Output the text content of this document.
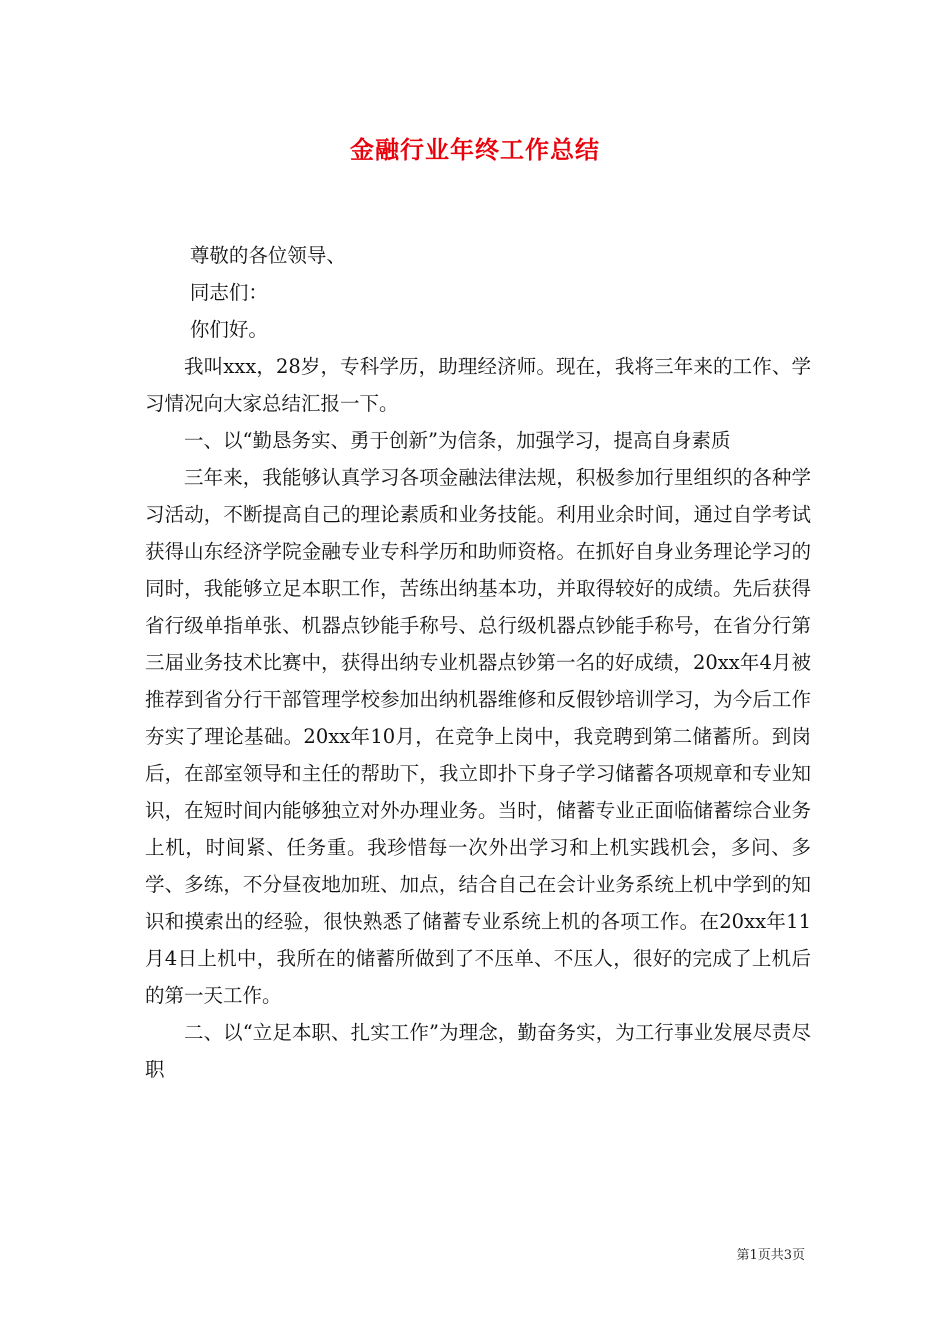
金融行业年终工作总结

尊敬的各位领导、

同志们：

你们好。

我叫xxx，28岁，专科学历，助理经济师。现在，我将三年来的工作、学习情况向大家总结汇报一下。

一、以“勤恳务实、勇于创新”为信条，加强学习，提高自身素质

三年来，我能够认真学习各项金融法律法规，积极参加行里组织的各种学习活动，不断提高自己的理论素质和业务技能。利用业余时间，通过自学考试获得山东经济学院金融专业专科学历和助师资格。在抓好自身业务理论学习的同时，我能够立足本职工作，苦练出纳基本功，并取得较好的成绩。先后获得省行级单指单张、机器点钞能手称号、总行级机器点钞能手称号，在省分行第三届业务技术比赛中，获得出纳专业机器点钞第一名的好成绩，20xx年4月被推荐到省分行干部管理学校参加出纳机器维修和反假钞培训学习，为今后工作夯实了理论基础。20xx年10月，在竞争上岗中，我竞聘到第二储蓄所。到岗后，在部室领导和主任的帮助下，我立即扑下身子学习储蓄各项规章和专业知识，在短时间内能够独立对外办理业务。当时，储蓄专业正面临储蓄综合业务上机，时间紧、任务重。我珍惜每一次外出学习和上机实践机会，多问、多学、多练，不分昼夜地加班、加点，结合自己在会计业务系统上机中学到的知识和摸索出的经验，很快熟悉了储蓄专业系统上机的各项工作。在20xx年11月4日上机中，我所在的储蓄所做到了不压单、不压人，很好的完成了上机后的第一天工作。

二、以“立足本职、扎实工作”为理念，勤奋务实，为工行事业发展尽责尽职

第1页共3页
